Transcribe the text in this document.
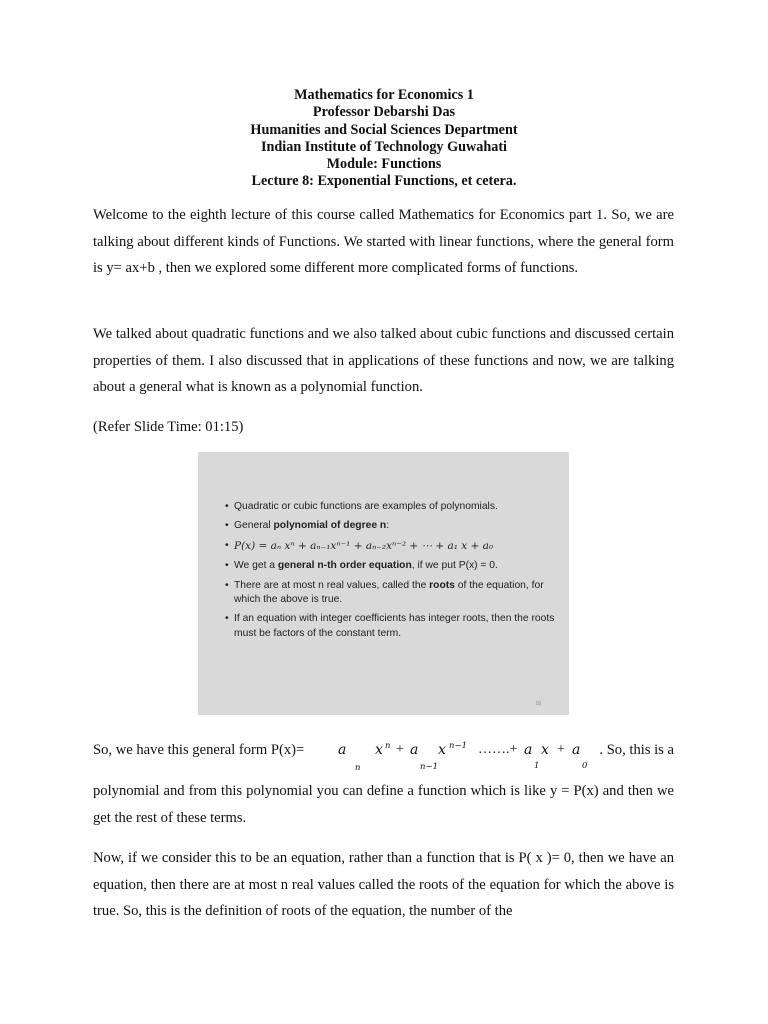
Mathematics for Economics 1
Professor Debarshi Das
Humanities and Social Sciences Department
Indian Institute of Technology Guwahati
Module: Functions
Lecture 8: Exponential Functions, et cetera.

Welcome to the eighth lecture of this course called Mathematics for Economics part 1. So, we are talking about different kinds of Functions. We started with linear functions, where the general form is y= ax+b , then we explored some different more complicated forms of functions.

We talked about quadratic functions and we also talked about cubic functions and discussed certain properties of them. I also discussed that in applications of these functions and now, we are talking about a general what is known as a polynomial function.

(Refer Slide Time: 01:15)
• Quadratic or cubic functions are examples of polynomials.
• General polynomial of degree n:
• P(x) = aₙ xⁿ + aₙ₋₁xⁿ⁻¹ + aₙ₋₂xⁿ⁻² + ⋯ + a₁ x + a₀
• We get a general n-th order equation, if we put P(x) = 0.
• There are at most n real values, called the roots of the equation, for which the above is true.
• If an equation with integer coefficients has integer roots, then the roots must be factors of the constant term.
18
So, we have this general form P(x)= a
n
x n + a
n−1
x n−1 …….+ a
1
x + a
0
. So, this is a

polynomial and from this polynomial you can define a function which is like y = P(x) and then we get the rest of these terms.

Now, if we consider this to be an equation, rather than a function that is P( x )= 0, then we have an equation, then there are at most n real values called the roots of the equation for which the above is true. So, this is the definition of roots of the equation, the number of the
